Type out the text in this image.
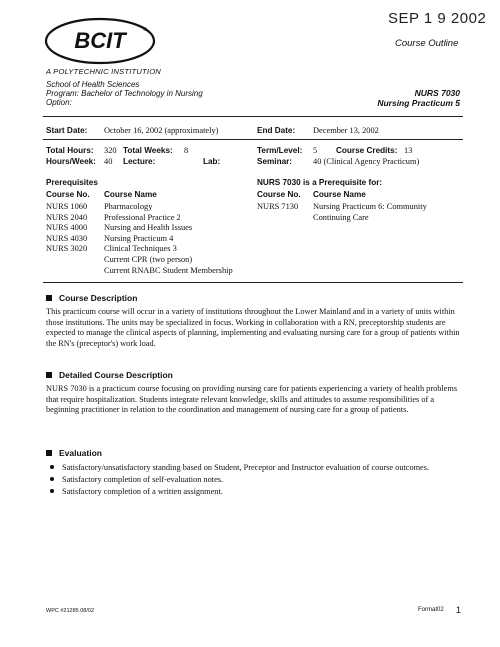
SEP 1 9 2002
Course Outline
BCIT	®
A POLYTECHNIC INSTITUTION
School of Health Sciences
Program: Bachelor of Technology in Nursing
Option:
NURS 7030
Nursing Practicum 5
Start Date: October 16, 2002 (approximately)	End Date: December 13, 2002
Total Hours: 320 Total Weeks: 8	Term/Level: 5 Course Credits: 13
Hours/Week: 40 Lecture:	Lab:	Seminar: 40 (Clinical Agency Practicum)
Prerequisites
Course No. Course Name
NURS 1060 Pharmacology
NURS 2040 Professional Practice 2
NURS 4000 Nursing and Health Issues
NURS 4030 Nursing Practicum 4
NURS 3020 Clinical Techniques 3
Current CPR (two person)
Current RNABC Student Membership
NURS 7030 is a Prerequisite for:
Course No. Course Name
NURS 7130 Nursing Practicum 6: Community
Continuing Care
Course Description
This practicum course will occur in a variety of institutions throughout the Lower Mainland and in a variety of units within those institutions. The units may be specialized in focus. Working in collaboration with a RN, preceptorship students are expected to manage the clinical aspects of planning, implementing and evaluating nursing care for a group of patients within the RN's (preceptor's) work load.
Detailed Course Description
NURS 7030 is a practicum course focusing on providing nursing care for patients experiencing a variety of health problems that require hospitalization. Students integrate relevant knowledge, skills and attitudes to assume responsibilities of a beginning practitioner in relation to the coordination and management of nursing care for a group of patients.
Evaluation
Satisfactory/unsatisfactory standing based on Student, Preceptor and Instructor evaluation of course outcomes.
Satisfactory completion of self-evaluation notes.
Satisfactory completion of a written assignment.
WPC #21285 08/02	Format02 1
